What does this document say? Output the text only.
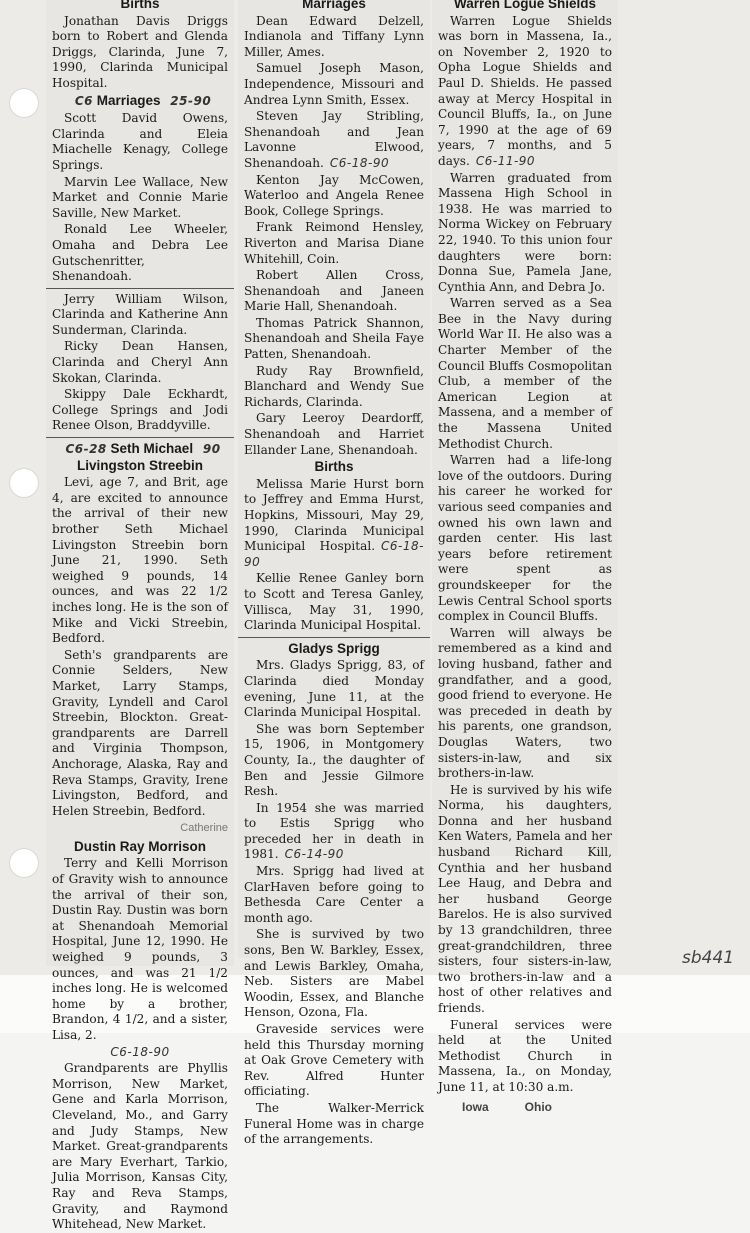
Births

Jonathan Davis Driggs born to Robert and Glenda Driggs, Clarinda, June 7, 1990, Clarinda Municipal Hospital.

C6 Marriages 25-90

Scott David Owens, Clarinda and Eleia Miachelle Kenagy, College Springs.

Marvin Lee Wallace, New Market and Connie Marie Saville, New Market.

Ronald Lee Wheeler, Omaha and Debra Lee Gutschenritter, Shenandoah.

Jerry William Wilson, Clarinda and Katherine Ann Sunderman, Clarinda.

Ricky Dean Hansen, Clarinda and Cheryl Ann Skokan, Clarinda.

Skippy Dale Eckhardt, College Springs and Jodi Renee Olson, Braddyville.

C6-28 Seth Michael 90
Livingston Streebin

Levi, age 7, and Brit, age 4, are excited to announce the arrival of their new brother Seth Michael Livingston Streebin born June 21, 1990. Seth weighed 9 pounds, 14 ounces, and was 22 1/2 inches long. He is the son of Mike and Vicki Streebin, Bedford.

Seth's grandparents are Connie Selders, New Market, Larry Stamps, Gravity, Lyndell and Carol Streebin, Blockton. Great-grandparents are Darrell and Virginia Thompson, Anchorage, Alaska, Ray and Reva Stamps, Gravity, Irene Livingston, Bedford, and Helen Streebin, Bedford.

Catherine
Dustin Ray Morrison

Terry and Kelli Morrison of Gravity wish to announce the arrival of their son, Dustin Ray. Dustin was born at Shenandoah Memorial Hospital, June 12, 1990. He weighed 9 pounds, 3 ounces, and was 21 1/2 inches long. He is welcomed home by a brother, Brandon, 4 1/2, and a sister, Lisa, 2.

C6-18-90

Grandparents are Phyllis Morrison, New Market, Gene and Karla Morrison, Cleveland, Mo., and Garry and Judy Stamps, New Market. Great-grandparents are Mary Everhart, Tarkio, Julia Morrison, Kansas City, Ray and Reva Stamps, Gravity, and Raymond Whitehead, New Market.

Marriages

Dean Edward Delzell, Indianola and Tiffany Lynn Miller, Ames.

Samuel Joseph Mason, Independence, Missouri and Andrea Lynn Smith, Essex.

Steven Jay Stribling, Shenandoah and Jean Lavonne Elwood, Shenandoah. C6-18-90

Kenton Jay McCowen, Waterloo and Angela Renee Book, College Springs.

Frank Reimond Hensley, Riverton and Marisa Diane Whitehill, Coin.

Robert Allen Cross, Shenandoah and Janeen Marie Hall, Shenandoah.

Thomas Patrick Shannon, Shenandoah and Sheila Faye Patten, Shenandoah.

Rudy Ray Brownfield, Blanchard and Wendy Sue Richards, Clarinda.

Gary Leeroy Deardorff, Shenandoah and Harriet Ellander Lane, Shenandoah.

Births

Melissa Marie Hurst born to Jeffrey and Emma Hurst, Hopkins, Missouri, May 29, 1990, Clarinda Municipal Municipal Hospital. C6-18-90

Kellie Renee Ganley born to Scott and Teresa Ganley, Villisca, May 31, 1990, Clarinda Municipal Hospital.

Gladys Sprigg

Mrs. Gladys Sprigg, 83, of Clarinda died Monday evening, June 11, at the Clarinda Municipal Hospital.

She was born September 15, 1906, in Montgomery County, Ia., the daughter of Ben and Jessie Gilmore Resh.

In 1954 she was married to Estis Sprigg who preceded her in death in 1981. C6-14-90

Mrs. Sprigg had lived at ClarHaven before going to Bethesda Care Center a month ago.

She is survived by two sons, Ben W. Barkley, Essex, and Lewis Barkley, Omaha, Neb. Sisters are Mabel Woodin, Essex, and Blanche Henson, Ozona, Fla.

Graveside services were held this Thursday morning at Oak Grove Cemetery with Rev. Alfred Hunter officiating.

The Walker-Merrick Funeral Home was in charge of the arrangements.

Warren Logue Shields

Warren Logue Shields was born in Massena, Ia., on November 2, 1920 to Opha Logue Shields and Paul D. Shields. He passed away at Mercy Hospital in Council Bluffs, Ia., on June 7, 1990 at the age of 69 years, 7 months, and 5 days. C6-11-90

Warren graduated from Massena High School in 1938. He was married to Norma Wickey on February 22, 1940. To this union four daughters were born: Donna Sue, Pamela Jane, Cynthia Ann, and Debra Jo.

Warren served as a Sea Bee in the Navy during World War II. He also was a Charter Member of the Council Bluffs Cosmopolitan Club, a member of the American Legion at Massena, and a member of the Massena United Methodist Church.

Warren had a life-long love of the outdoors. During his career he worked for various seed companies and owned his own lawn and garden center. His last years before retirement were spent as groundskeeper for the Lewis Central School sports complex in Council Bluffs.

Warren will always be remembered as a kind and loving husband, father and grandfather, and a good, good friend to everyone. He was preceded in death by his parents, one grandson, Douglas Waters, two sisters-in-law, and six brothers-in-law.

He is survived by his wife Norma, his daughters, Donna and her husband Ken Waters, Pamela and her husband Richard Kill, Cynthia and her husband Lee Haug, and Debra and her husband George Barelos. He is also survived by 13 grandchildren, three great-grandchildren, three sisters, four sisters-in-law, two brothers-in-law and a host of other relatives and friends.

Funeral services were held at the United Methodist Church in Massena, Ia., on Monday, June 11, at 10:30 a.m.

Iowa	Ohio
sb441
